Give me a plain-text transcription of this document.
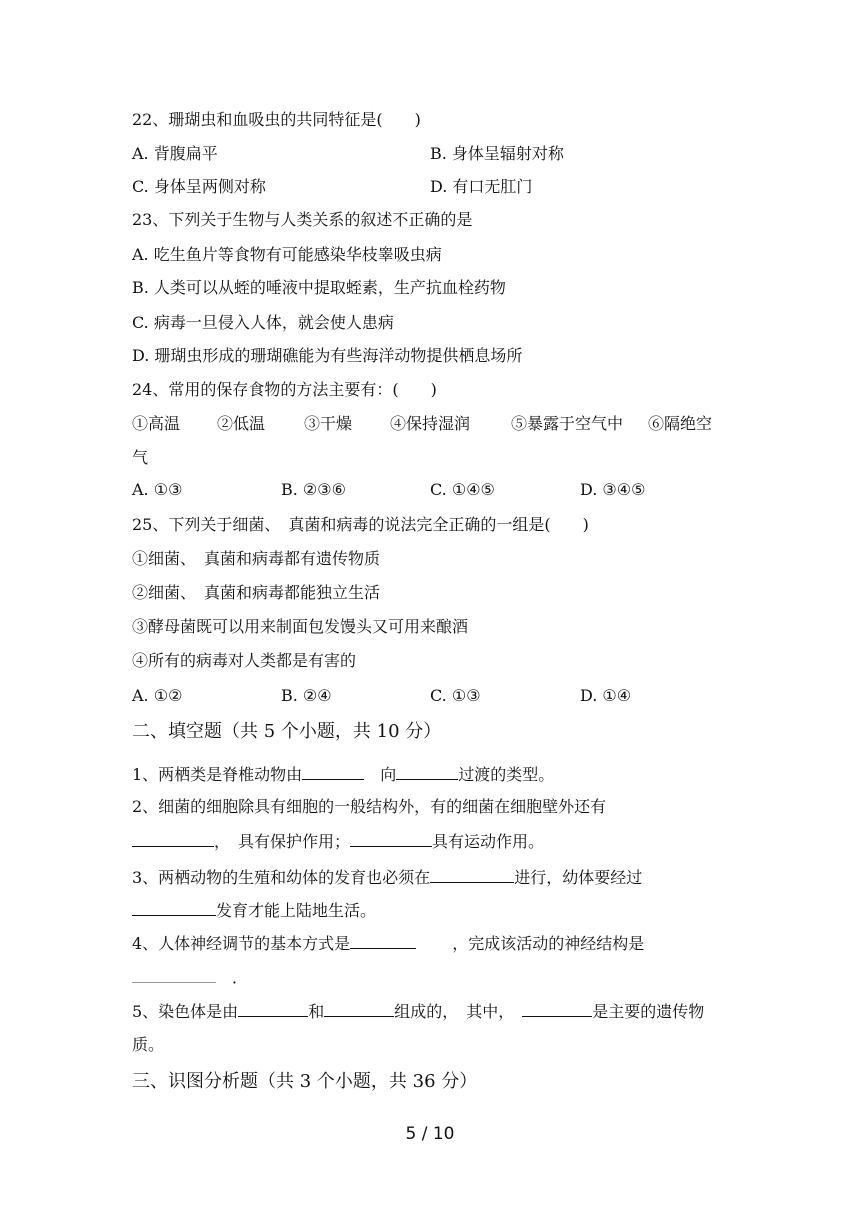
22、珊瑚虫和血吸虫的共同特征是(　　)
A. 背腹扁平	B. 身体呈辐射对称
C. 身体呈两侧对称	D. 有口无肛门
23、下列关于生物与人类关系的叙述不正确的是
A. 吃生鱼片等食物有可能感染华枝睾吸虫病
B. 人类可以从蛭的唾液中提取蛭素，生产抗血栓药物
C. 病毒一旦侵入人体，就会使人患病
D. 珊瑚虫形成的珊瑚礁能为有些海洋动物提供栖息场所
24、常用的保存食物的方法主要有：(　　)
①高温 ②低温 ③干燥 ④保持湿润	⑤暴露于空气中 ⑥隔绝空
气
A. ①③	B. ②③⑥	C. ①④⑤	D. ③④⑤
25、下列关于细菌、　真菌和病毒的说法完全正确的一组是(　　)
①细菌、　真菌和病毒都有遗传物质
②细菌、　真菌和病毒都能独立生活
③酵母菌既可以用来制面包发馒头又可用来酿酒
④所有的病毒对人类都是有害的
A. ①②	B. ②④	C. ①③	D. ①④
二、填空题（共 5 个小题，共 10 分）
1、两栖类是脊椎动物由	　向	过渡的类型。
2、细菌的细胞除具有细胞的一般结构外，有的细菌在细胞壁外还有
，　具有保护作用；	具有运动作用。
3、两栖动物的生殖和幼体的发育也必须在	进行，幼体要经过
发育才能上陆地生活。
4、人体神经调节的基本方式是	，完成该活动的神经结构是
．
5、染色体是由	和	组成的，　其中，	是主要的遗传物
质。
三、识图分析题（共 3 个小题，共 36 分）
5 / 10
